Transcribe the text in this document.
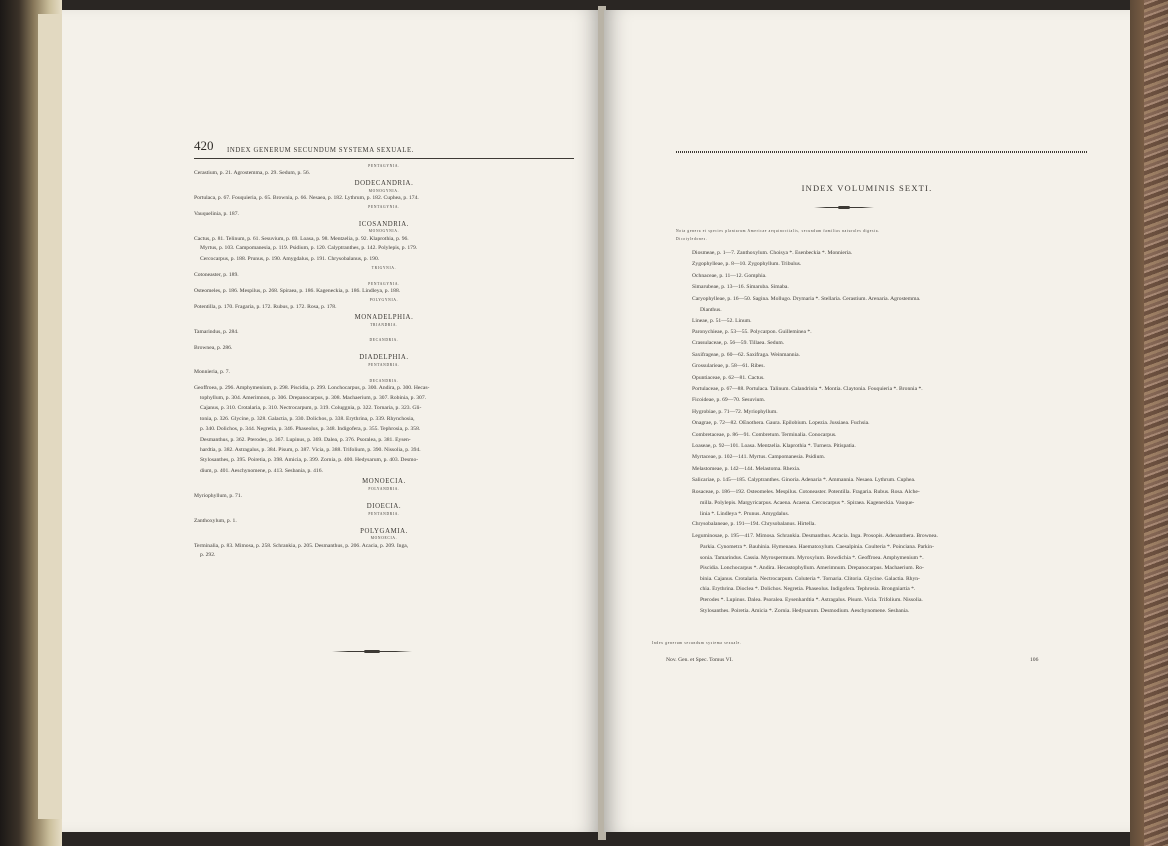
420 INDEX GENERUM SECUNDUM SYSTEMA SEXUALE.
PENTAGYNIA.
Cerastium, p. 21. Agrostemma, p. 29. Sedum, p. 56.
DODECANDRIA.
MONOGYNIA.
Portulaca, p. 67. Fouquieria, p. 65. Brownia, p. 66. Nesaea, p. 182. Lythrum, p. 182. Cuphea, p. 174.
PENTAGYNIA.
Vauquelinia, p. 187.
ICOSANDRIA.
MONOGYNIA.
Cactus, p. 81. Telinum, p. 61. Sesuvium, p. 69. Loasa, p. 98. Mentzelia, p. 92. Klaprothia, p. 96.
Myrtus, p. 103. Campomanesia, p. 119. Psidium, p. 120. Calyptranthes, p. 142. Polylepis, p. 179.
Cercocarpus, p. 188. Prunus, p. 190. Amygdalus, p. 191. Chrysobalanus, p. 190.
TRIGYNIA.
Cotoneaster, p. 189.
PENTAGYNIA.
Osteomeles, p. 186. Mespilus, p. 268. Spiraea, p. 186. Kageneckia, p. 186. Lindleya, p. 188.
POLYGYNIA.
Potentilla, p. 170. Fragaria, p. 172. Rubus, p. 172. Rosa, p. 178.
MONADELPHIA.
TRIANDRIA.
Tamarindus, p. 284.
DECANDRIA.
Brownea, p. 286.
DIADELPHIA.
PENTANDRIA.
Monnieria, p. 7.
DECANDRIA.
Geoffroea, p. 296. Amphymenium, p. 298. Piscidia, p. 299. Lonchocarpus, p. 300. Andira, p. 300. Hecas-
tophyllum, p. 304. Amerimnon, p. 306. Drepanocarpus, p. 308. Machaerium, p. 307. Robinia, p. 307.
Cajanus, p. 310. Crotalaria, p. 310. Nectrocarpum, p. 319. Coluggnia, p. 322. Tornaria, p. 323. Gli-
tonia, p. 326. Glycine, p. 328. Galactia, p. 330. Dolichos, p. 338. Erythrina, p. 339. Rhynchosia,
p. 340. Dolichos, p. 344. Negretia, p. 346. Phaseolus, p. 348. Indigofera, p. 355. Tephrosia, p. 358.
Desmanthus, p. 362. Pterodes, p. 367. Lupinus, p. 369. Dalea, p. 376. Psoralea, p. 381. Eysen-
hardtia, p. 382. Astragalus, p. 384. Pisum, p. 387. Vicia, p. 388. Trifolium, p. 390. Nissolia, p. 394.
Stylosanthes, p. 395. Poiretia, p. 398. Amicia, p. 399. Zornia, p. 400. Hedysarum, p. 403. Desmo-
dium, p. 401. Aeschynomene, p. 413. Sesbania, p. 416.
MONOECIA.
POLYANDRIA.
Myriophyllum, p. 71.
DIOECIA.
PENTANDRIA.
Zanthoxylum, p. 1.
POLYGAMIA.
MONOECIA.
Terminalia, p. 83. Mimosa, p. 258. Schrankia, p. 205. Desmanthus, p. 206. Acacia, p. 209. Inga,
p. 292.
INDEX VOLUMINIS SEXTI.
Nota genera et species plantarum Americae aequinoctialis, secundum familias naturales digesta.
Dicotyledones.
Diosmeae, p. 1—7. Zanthoxylum. Choisya *. Esenbeckia *. Monnieria.
Zygophylleae, p. 8—10. Zygophyllum. Tribulus.
Ochnaceae, p. 11—12. Gomphia.
Simarubeae, p. 13—16. Simaruba. Simaba.
Caryophylleae, p. 16—50. Sagina. Mollugo. Drymaria *. Stellaria. Cerastium. Arenaria. Agrostemma.
Dianthus.
Lineae, p. 51—52. Linum.
Paronychieae, p. 53—55. Polycarpon. Guilleminea *.
Crassulaceae, p. 56—59. Tillaea. Sedum.
Saxifrageae, p. 60—62. Saxifraga. Weinmannia.
Grossularieae, p. 58—61. Ribes.
Opuntiaceae, p. 62—81. Cactus.
Portulaceae, p. 67—88. Portulaca. Talinum. Calandrinia *. Montia. Claytonia. Fouquieria *. Bronnia *.
Ficoideae, p. 69—70. Sesuvium.
Hygrobiae, p. 71—72. Myriophyllum.
Onagrae, p. 72—82. OEnothera. Gaura. Epilobium. Lopezia. Jussiaea. Fuchsia.
Combretaceae, p. 86—91. Combretum. Terminalia. Conocarpus.
Loaseae, p. 92—101. Loasa. Mentzelia. Klaprothia *. Turnera. Pitispatia.
Myrtaceae, p. 102—141. Myrtus. Campomanesia. Psidium.
Melastomeae, p. 142—144. Melastoma. Rhexia.
Salicariae, p. 145—185. Calyptranthes. Ginoria. Adenaria *. Ammannia. Nesaea. Lythrum. Cuphea.
Rosaceae, p. 186—192. Osteomeles. Mespilus. Cotoneaster. Potentilla. Fragaria. Rubus. Rosa. Alche-
milla. Polylepis. Margyricarpus. Acaena. Acaena. Cercocarpus *. Spiraea. Kageneckia. Vauque-
linia *. Lindleya *. Prunus. Amygdalus.
Chrysobalaneae, p. 191—194. Chrysobalanus. Hirtella.
Leguminosae, p. 195—417. Mimosa. Schrankia. Desmanthus. Acacia. Inga. Prosopis. Adenanthera. Brownea.
Parkia. Cynometra *. Bauhinia. Hymenaea. Haematoxylum. Caesalpinia. Coulteria *. Poinciana. Parkin-
sonia. Tamarindus. Cassia. Myrospermum. Myroxylum. Bowdichia *. Geoffroea. Amphymenium *.
Piscidia. Lonchocarpus *. Andira. Hecastophyllum. Amerimnum. Drepanocarpus. Machaerium. Ro-
binia. Cajanus. Crotalaria. Nectrocarpum. Coluteria *. Tornaria. Clitoria. Glycine. Galactia. Rhyn-
chia. Erythrina. Dioclea *. Dolichos. Negretia. Phaseolus. Indigofera. Tephrosia. Brongniartia *.
Pterodes *. Lupinus. Dalea. Psoralea. Eysenhardtia *. Astragalus. Pisum. Vicia. Trifolium. Nissolia.
Stylosanthes. Poiretia. Amicia *. Zornia. Hedysarum. Desmodium. Aeschynomene. Sesbania.
Index generum secundum systema sexuale.
Nov. Gen. et Spec. Tomus VI.	106
